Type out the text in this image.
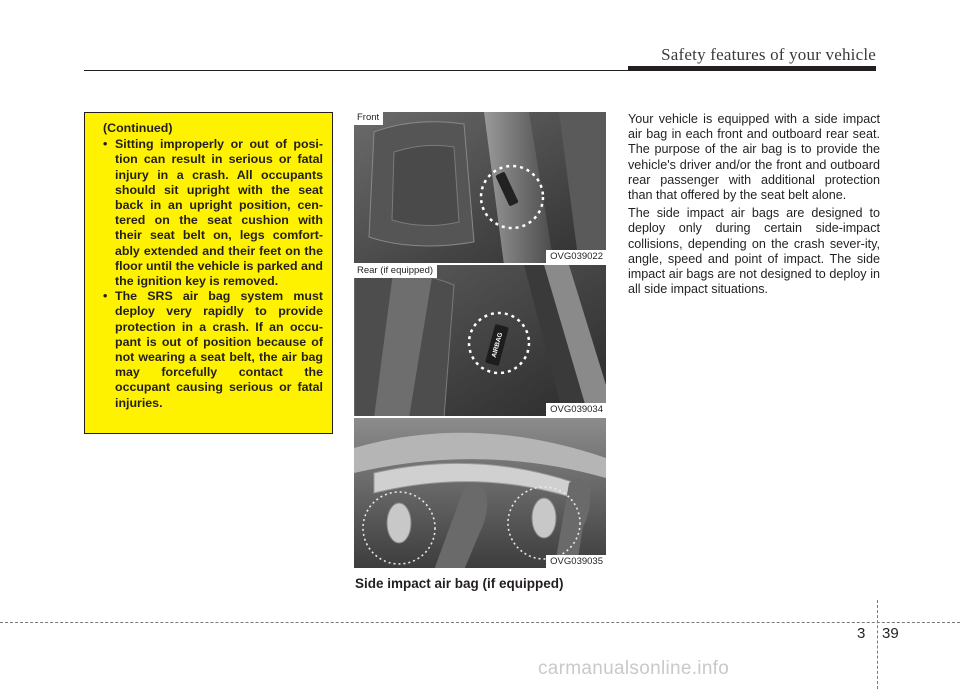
Safety features of your vehicle
(Continued)
• Sitting improperly or out of posi-tion can result in serious or fatal injury in a crash. All occupants should sit upright with the seat back in an upright position, cen-tered on the seat cushion with their seat belt on, legs comfort-ably extended and their feet on the floor until the vehicle is parked and the ignition key is removed.
• The SRS air bag system must deploy very rapidly to provide protection in a crash. If an occu-pant is out of position because of not wearing a seat belt, the air bag may forcefully contact the occupant causing serious or fatal injuries.
Front
OVG039022
AIRBAG
Rear (if equipped)
OVG039034
OVG039035
Side impact air bag (if equipped)

Your vehicle is equipped with a side impact air bag in each front and outboard rear seat. The purpose of the air bag is to provide the vehicle's driver and/or the front and outboard rear passenger with additional protection than that offered by the seat belt alone.

The side impact air bags are designed to deploy only during certain side-impact collisions, depending on the crash sever-ity, angle, speed and point of impact. The side impact air bags are not designed to deploy in all side impact situations.

3 39
carmanualsonline.info
